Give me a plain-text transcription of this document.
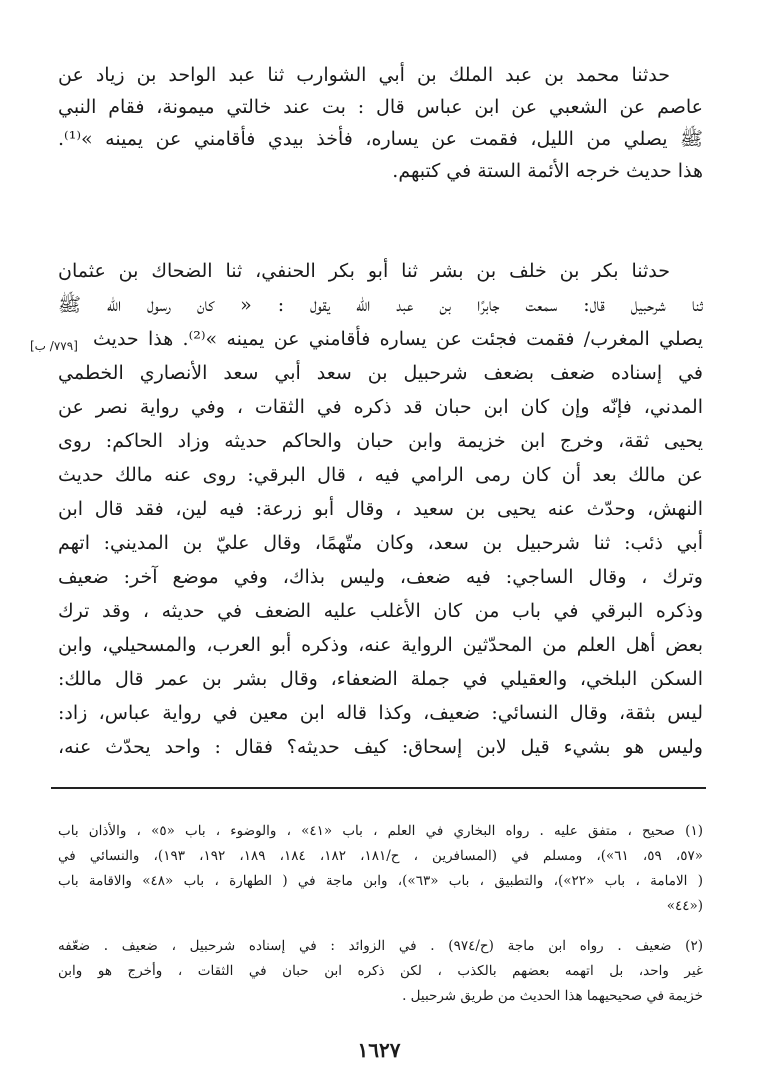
حدثنا محمد بن عبد الملك بن أبي الشوارب ثنا عبد الواحد بن زياد عن
عاصم عن الشعبي عن ابن عباس قال : بت عند خالتي ميمونة، فقام النبي
ﷺ يصلي من الليل، فقمت عن يساره، فأخذ بيدي فأقامني عن يمينه »⁽¹⁾.
هذا حديث خرجه الأئمة الستة في كتبهم.
حدثنا بكر بن خلف بن بشر ثنا أبو بكر الحنفي، ثنا الضحاك بن عثمان
ثنا شرحبيل قال: سمعت جابرًا بن عبد الله يقول : « كان رسول الله ﷺ
يصلي المغرب/ فقمت فجئت عن يساره فأقامني عن يمينه »⁽²⁾. هذا حديث
في إسناده ضعف بضعف شرحبيل بن سعد أبي سعد الأنصاري الخطمي
المدني، فإنّه وإن كان ابن حبان قد ذكره في الثقات ، وفي رواية نصر عن
يحيى ثقة، وخرج ابن خزيمة وابن حبان والحاكم حديثه وزاد الحاكم: روى
عن مالك بعد أن كان رمى الرامي فيه ، قال البرقي: روى عنه مالك حديث
النهش، وحدّث عنه يحيى بن سعيد ، وقال أبو زرعة: فيه لين، فقد قال ابن
أبي ذئب: ثنا شرحبيل بن سعد، وكان متّهمًا، وقال عليّ بن المديني: اتهم
وترك ، وقال الساجي: فيه ضعف، وليس بذاك، وفي موضع آخر: ضعيف
وذكره البرقي في باب من كان الأغلب عليه الضعف في حديثه ، وقد ترك
بعض أهل العلم من المحدّثين الرواية عنه، وذكره أبو العرب، والمسحيلي، وابن
السكن البلخي، والعقيلي في جملة الضعفاء، وقال بشر بن عمر قال مالك:
ليس بثقة، وقال النسائي: ضعيف، وكذا قاله ابن معين في رواية عباس، زاد:
وليس هو بشيء قيل لابن إسحاق: كيف حديثه؟ فقال : واحد يحدّث عنه،
[٧٧٩/ ب]
(١) صحيح ، متفق عليه . رواه البخاري في العلم ، باب «٤١» ، والوضوء ، باب «٥» ، والأذان باب
«٥٧، ٥٩، ٦١»)، ومسلم في (المسافرين ، ح/١٨١، ١٨٢، ١٨٤، ١٨٩، ١٩٢، ١٩٣)، والنسائي في
( الامامة ، باب «٢٢»)، والتطبيق ، باب «٦٣»)، وابن ماجة في ( الطهارة ، باب «٤٨» والاقامة باب
«٤٤»)
(٢) ضعيف . رواه ابن ماجة (ح/٩٧٤) . في الزوائد : في إسناده شرحبيل ، ضعيف . ضعّفه
غير واحد، بل اتهمه بعضهم بالكذب ، لكن ذكره ابن حبان في الثقات ، وأخرج هو وابن
خزيمة في صحيحيهما هذا الحديث من طريق شرحبيل .
١٦٢٧
